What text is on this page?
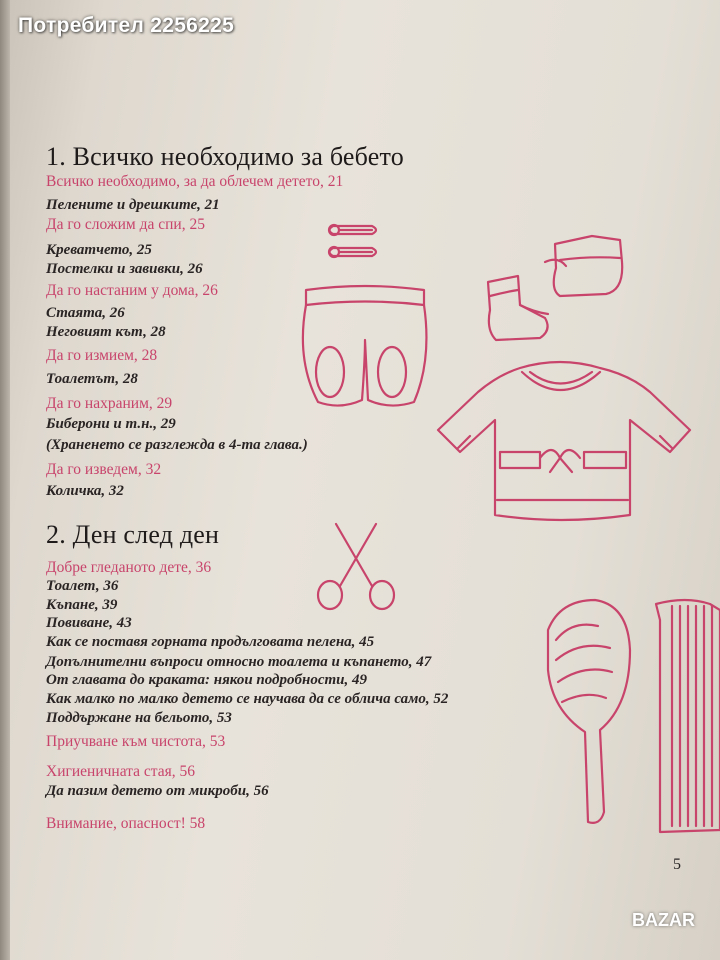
1. Всичко необходимо за бебето
Всичко необходимо, за да облечем детето, 21
Пелените и дрешките, 21
Да го сложим да спи, 25
Креватчето, 25
Постелки и завивки, 26
Да го настаним у дома, 26
Стаята, 26
Неговият кът, 28
Да го измием, 28
Тоалетът, 28
Да го нахраним, 29
Биберони и т.н., 29
(Храненето се разглежда в 4-та глава.)
Да го изведем, 32
Количка, 32
2. Ден след ден
Добре гледаното дете, 36
Тоалет, 36
Къпане, 39
Повиване, 43
Как се поставя горната продълговата пелена, 45
Допълнителни въпроси относно тоалета и къпането, 47
От главата до краката: някои подробности, 49
Как малко по малко детето се научава да се облича само, 52
Поддържане на бельото, 53
Приучване към чистота, 53
Хигиеничната стая, 56
Да пазим детето от микроби, 56
Внимание, опасност! 58
5
Потребител 2256225
BAZAR
